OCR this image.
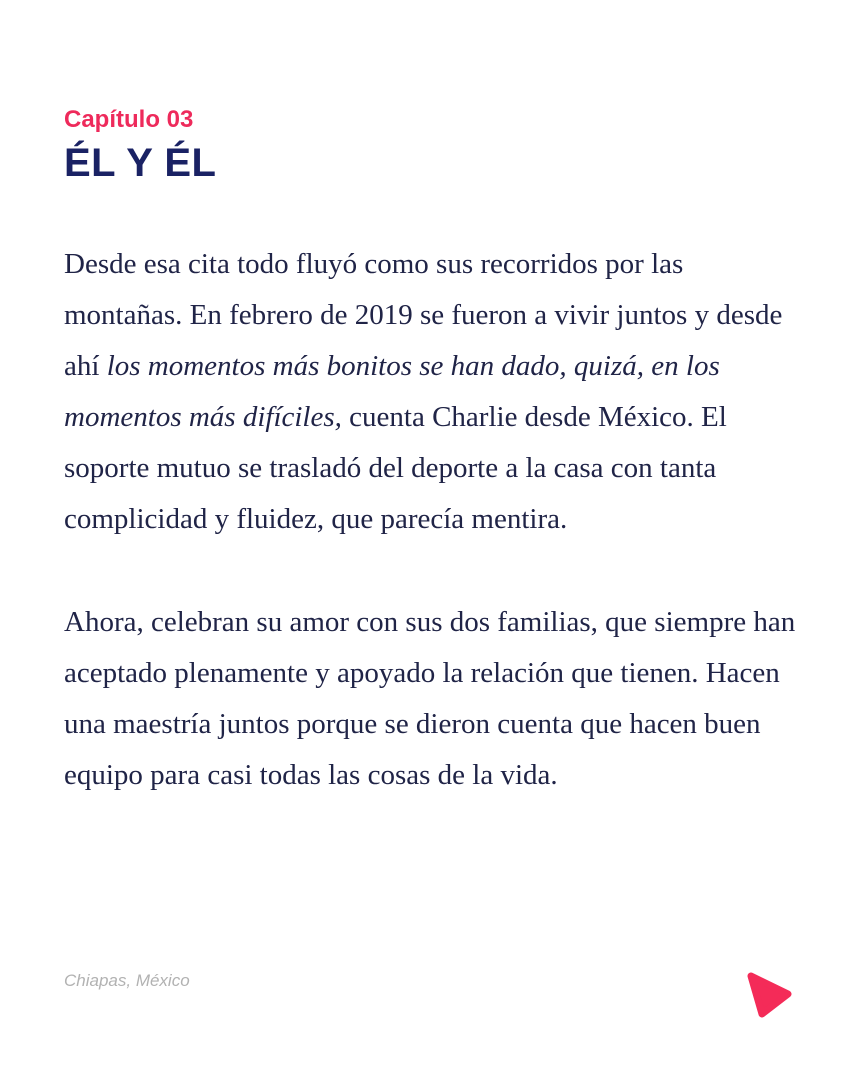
Capítulo 03
ÉL Y ÉL

Desde esa cita todo fluyó como sus recorridos por las montañas. En febrero de 2019 se fueron a vivir juntos y desde ahí los momentos más bonitos se han dado, quizá, en los momentos más difíciles, cuenta Charlie desde México. El soporte mutuo se trasladó del deporte a la casa con tanta complicidad y fluidez, que parecía mentira.

Ahora, celebran su amor con sus dos familias, que siempre han aceptado plenamente y apoyado la relación que tienen. Hacen una maestría juntos porque se dieron cuenta que hacen buen equipo para casi todas las cosas de la vida.

Chiapas, México
